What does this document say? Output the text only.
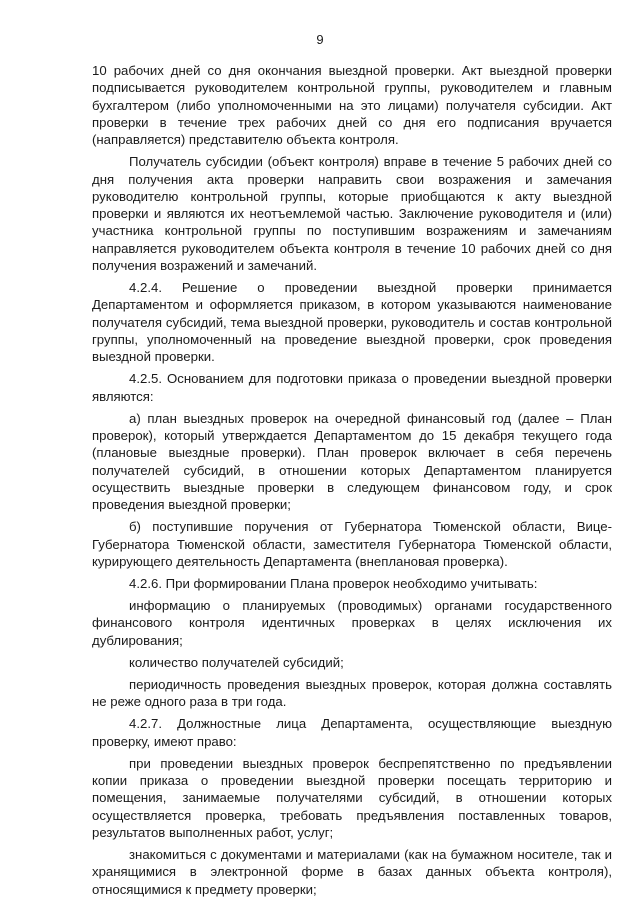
9

10 рабочих дней со дня окончания выездной проверки. Акт выездной проверки подписывается руководителем контрольной группы, руководителем и главным бухгалтером (либо уполномоченными на это лицами) получателя субсидии. Акт проверки в течение трех рабочих дней со дня его подписания вручается (направляется) представителю объекта контроля.

Получатель субсидии (объект контроля) вправе в течение 5 рабочих дней со дня получения акта проверки направить свои возражения и замечания руководителю контрольной группы, которые приобщаются к акту выездной проверки и являются их неотъемлемой частью. Заключение руководителя и (или) участника контрольной группы по поступившим возражениям и замечаниям направляется руководителем объекта контроля в течение 10 рабочих дней со дня получения возражений и замечаний.

4.2.4. Решение о проведении выездной проверки принимается Департаментом и оформляется приказом, в котором указываются наименование получателя субсидий, тема выездной проверки, руководитель и состав контрольной группы, уполномоченный на проведение выездной проверки, срок проведения выездной проверки.

4.2.5. Основанием для подготовки приказа о проведении выездной проверки являются:

а) план выездных проверок на очередной финансовый год (далее – План проверок), который утверждается Департаментом до 15 декабря текущего года (плановые выездные проверки). План проверок включает в себя перечень получателей субсидий, в отношении которых Департаментом планируется осуществить выездные проверки в следующем финансовом году, и срок проведения выездной проверки;

б) поступившие поручения от Губернатора Тюменской области, Вице-Губернатора Тюменской области, заместителя Губернатора Тюменской области, курирующего деятельность Департамента (внеплановая проверка).

4.2.6. При формировании Плана проверок необходимо учитывать:

информацию о планируемых (проводимых) органами государственного финансового контроля идентичных проверках в целях исключения их дублирования;

количество получателей субсидий;

периодичность проведения выездных проверок, которая должна составлять не реже одного раза в три года.

4.2.7. Должностные лица Департамента, осуществляющие выездную проверку, имеют право:

при проведении выездных проверок беспрепятственно по предъявлении копии приказа о проведении выездной проверки посещать территорию и помещения, занимаемые получателями субсидий, в отношении которых осуществляется проверка, требовать предъявления поставленных товаров, результатов выполненных работ, услуг;

знакомиться с документами и материалами (как на бумажном носителе, так и хранящимися в электронной форме в базах данных объекта контроля), относящимися к предмету проверки;
